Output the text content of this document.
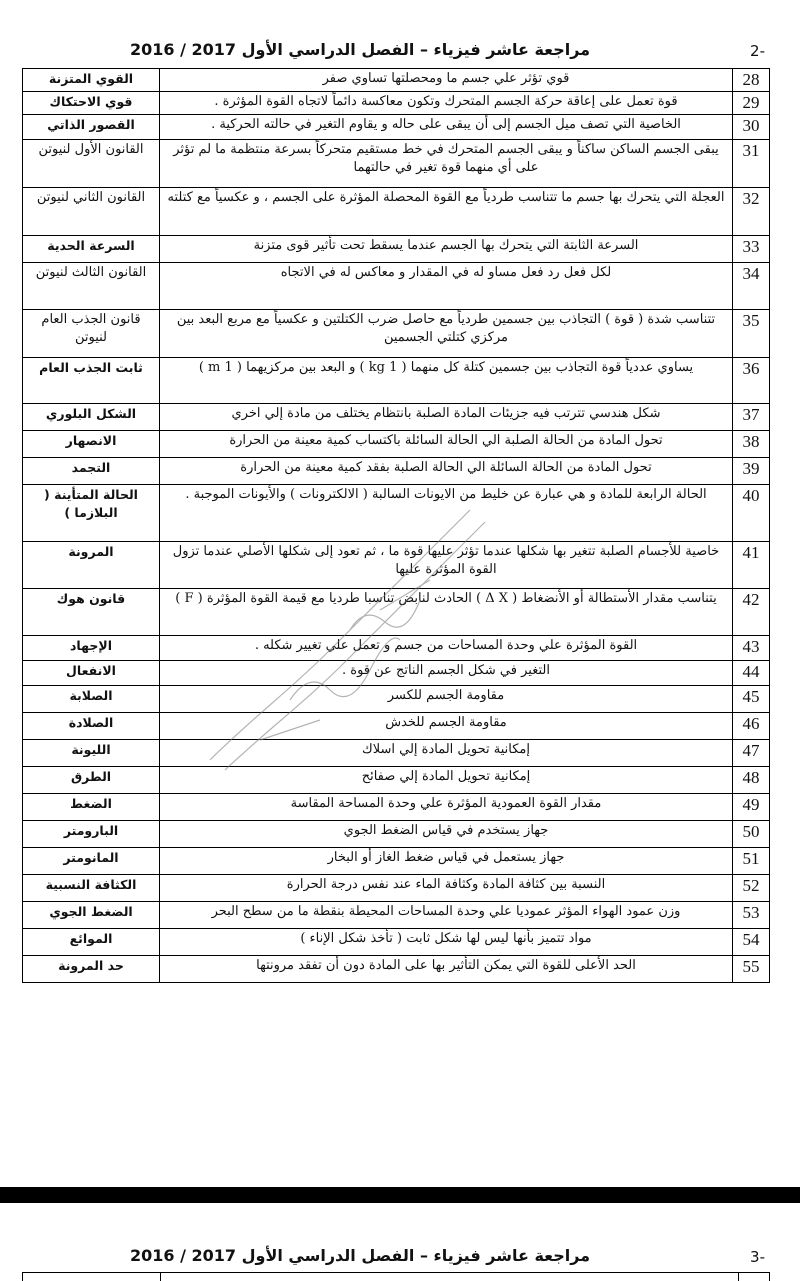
-2
مراجعة عاشر فيزياء – الفصل الدراسي الأول 2017 / 2016
28	قوي تؤثر علي جسم ما ومحصلتها تساوي صفر	القوي المتزنة
29	قوة تعمل على إعاقة حركة الجسم المتحرك وتكون معاكسة دائماً لاتجاه القوة المؤثرة .	قوي الاحتكاك
30	الخاصية التي تصف ميل الجسم إلى أن يبقى على حاله و يقاوم التغير في حالته الحركية .	القصور الذاتي
31	يبقى الجسم الساكن ساكناً و يبقى الجسم المتحرك في خط مستقيم متحركاً بسرعة منتظمة ما لم تؤثر على أي منهما قوة تغير في حالتهما	القانون الأول لنيوتن
32	العجلة التي يتحرك بها جسم ما تتناسب طردياً مع القوة المحصلة المؤثرة على الجسم ، و عكسياً مع كتلته	القانون الثاني لنيوتن
33	السرعة الثابتة التي يتحرك بها الجسم عندما يسقط تحت تأثير قوى متزنة	السرعة الحدية
34	لكل فعل رد فعل مساو له في المقدار و معاكس له في الاتجاه	القانون الثالث لنيوتن
35	تتناسب شدة ( قوة ) التجاذب بين جسمين طردياً مع حاصل ضرب الكتلتين و عكسياً مع مربع البعد بين مركزي كتلتي الجسمين	قانون الجذب العام لنيوتن
36	يساوي عددياً قوة التجاذب بين جسمين كتلة كل منهما ( 1 kg ) و البعد بين مركزيهما ( 1 m )	ثابت الجذب العام
37	شكل هندسي تترتب فيه جزيئات المادة الصلبة بانتظام يختلف من مادة إلي اخري	الشكل البلوري
38	تحول المادة من الحالة الصلبة الي الحالة السائلة باكتساب كمية معينة من الحرارة	الانصهار
39	تحول المادة من الحالة السائلة الي الحالة الصلبة بفقد كمية معينة من الحرارة	التجمد
40	الحالة الرابعة للمادة و هي عبارة عن خليط من الايونات السالبة ( الالكترونات ) والأيونات الموجبة .	الحالة المتأينة ( البلازما )
41	خاصية للأجسام الصلبة تتغير بها شكلها عندما تؤثر عليها قوة ما ، ثم تعود إلى شكلها الأصلي عندما تزول القوة المؤثرة عليها	المرونة
42	يتناسب مقدار الأستطالة أو الأنضغاط ( Δ X ) الحادث لنابض تناسبا طرديا مع قيمة القوة المؤثرة ( F )	قانون هوك
43	القوة المؤثرة علي وحدة المساحات من جسم و تعمل علي تغيير شكله .	الإجهاد
44	التغير في شكل الجسم الناتج عن قوة .	الانفعال
45	مقاومة الجسم للكسر	الصلابة
46	مقاومة الجسم للخدش	الصلادة
47	إمكانية تحويل المادة إلي اسلاك	الليونة
48	إمكانية تحويل المادة إلي صفائح	الطرق
49	مقدار القوة العمودية المؤثرة علي وحدة المساحة المقاسة	الضغط
50	جهاز يستخدم في قياس الضغط الجوي	البارومتر
51	جهاز يستعمل في قياس ضغط الغاز أو البخار	المانومتر
52	النسبة بين كثافة المادة وكثافة الماء عند نفس درجة الحرارة	الكثافة النسبية
53	وزن عمود الهواء المؤثر عموديا علي وحدة المساحات المحيطة بنقطة ما من سطح البحر	الضغط الجوي
54	مواد تتميز بأنها ليس لها شكل ثابت ( تأخذ شكل الإناء )	الموائع
55	الحد الأعلى للقوة التي يمكن التأثير بها على المادة دون أن تفقد مرونتها	حد المرونة
-3
مراجعة عاشر فيزياء – الفصل الدراسي الأول 2017 / 2016
